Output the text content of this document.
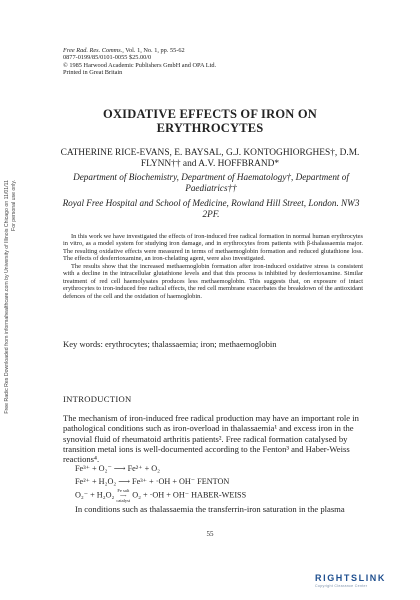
Free Radic Res Downloaded from informahealthcare.com by University of Illinois Chicago on 11/01/11 For personal use only.
Free Rad. Res. Comms., Vol. 1, No. 1, pp. 55-62
0877-0199/85/0101-0055 $25.00/0
© 1985 Harwood Academic Publishers GmbH and OPA Ltd.
Printed in Great Britain
OXIDATIVE EFFECTS OF IRON ON
ERYTHROCYTES
CATHERINE RICE-EVANS, E. BAYSAL, G.J. KONTOGHIORGHES†, D.M.
FLYNN†† and A.V. HOFFBRAND*
Department of Biochemistry, Department of Haematology†, Department of
Paediatrics††
Royal Free Hospital and School of Medicine, Rowland Hill Street, London. NW3
2PF.

In this work we have investigated the effects of iron-induced free radical formation in normal human erythrocytes in vitro, as a model system for studying iron damage, and in erythrocytes from patients with β-thalassaemia major. The resulting oxidative effects were measured in terms of methaemoglobin formation and reduced glutathione loss. The effects of desferrioxamine, an iron-chelating agent, were also investigated.

The results show that the increased methaemoglobin formation after iron-induced oxidative stress is consistent with a decline in the intracellular glutathione levels and that this process is inhibited by desferrioxamine. Similar treatment of red cell haemolysates produces less methaemoglobin. This suggests that, on exposure of intact erythrocytes to iron-induced free radical effects, the red cell membrane exacerbates the breakdown of the antioxidant defences of the cell and the oxidation of haemoglobin.

Key words: erythrocytes; thalassaemia; iron; methaemoglobin
INTRODUCTION
The mechanism of iron-induced free radical production may have an important role in pathological conditions such as iron-overload in thalassaemia¹ and excess iron in the synovial fluid of rheumatoid arthritis patients². Free radical formation catalysed by transition metal ions is well-documented according to the Fenton³ and Haber-Weiss reactions⁴.
Fe³⁺ + O₂⁻ ⟶ Fe²⁺ + O₂
Fe²⁺ + H₂O₂ ⟶ Fe³⁺ + ·OH + OH⁻ FENTON
O₂⁻ + H₂O₂ Fe salt
⟶
catalyst O₂ + ·OH + OH⁻ HABER-WEISS
In conditions such as thalassaemia the transferrin-iron saturation in the plasma
55
RIGHTSLINK
Copyright Clearance Center
